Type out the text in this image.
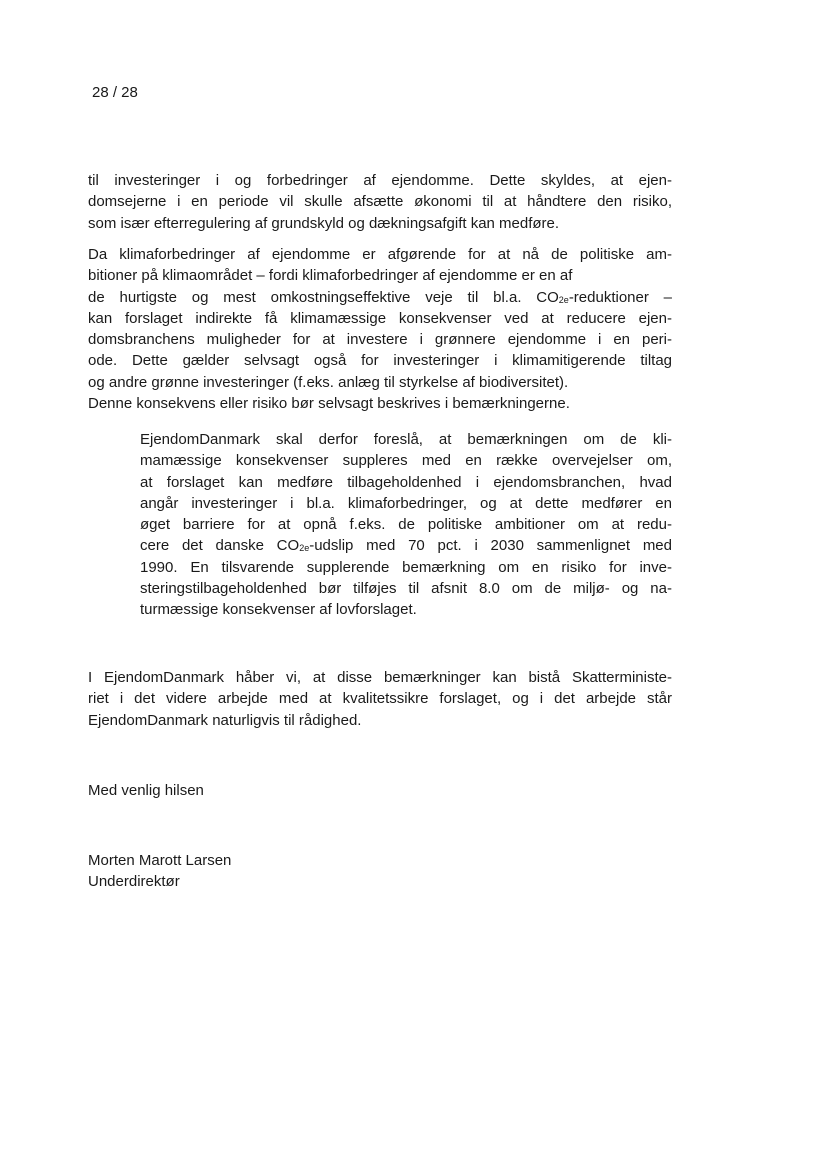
28 / 28
til investeringer i og forbedringer af ejendomme. Dette skyldes, at ejen-
domsejerne i en periode vil skulle afsætte økonomi til at håndtere den risiko,
som især efterregulering af grundskyld og dækningsafgift kan medføre.
Da klimaforbedringer af ejendomme er afgørende for at nå de politiske am-
bitioner på klimaområdet – fordi klimaforbedringer af ejendomme er en af
de hurtigste og mest omkostningseffektive veje til bl.a. CO2e-reduktioner –
kan forslaget indirekte få klimamæssige konsekvenser ved at reducere ejen-
domsbranchens muligheder for at investere i grønnere ejendomme i en peri-
ode. Dette gælder selvsagt også for investeringer i klimamitigerende tiltag
og andre grønne investeringer (f.eks. anlæg til styrkelse af biodiversitet).
Denne konsekvens eller risiko bør selvsagt beskrives i bemærkningerne.
EjendomDanmark skal derfor foreslå, at bemærkningen om de kli-
mamæssige konsekvenser suppleres med en række overvejelser om,
at forslaget kan medføre tilbageholdenhed i ejendomsbranchen, hvad
angår investeringer i bl.a. klimaforbedringer, og at dette medfører en
øget barriere for at opnå f.eks. de politiske ambitioner om at redu-
cere det danske CO2e-udslip med 70 pct. i 2030 sammenlignet med
1990. En tilsvarende supplerende bemærkning om en risiko for inve-
steringstilbageholdenhed bør tilføjes til afsnit 8.0 om de miljø- og na-
turmæssige konsekvenser af lovforslaget.
I EjendomDanmark håber vi, at disse bemærkninger kan bistå Skatterministe-
riet i det videre arbejde med at kvalitetssikre forslaget, og i det arbejde står
EjendomDanmark naturligvis til rådighed.
Med venlig hilsen
Morten Marott Larsen
Underdirektør
